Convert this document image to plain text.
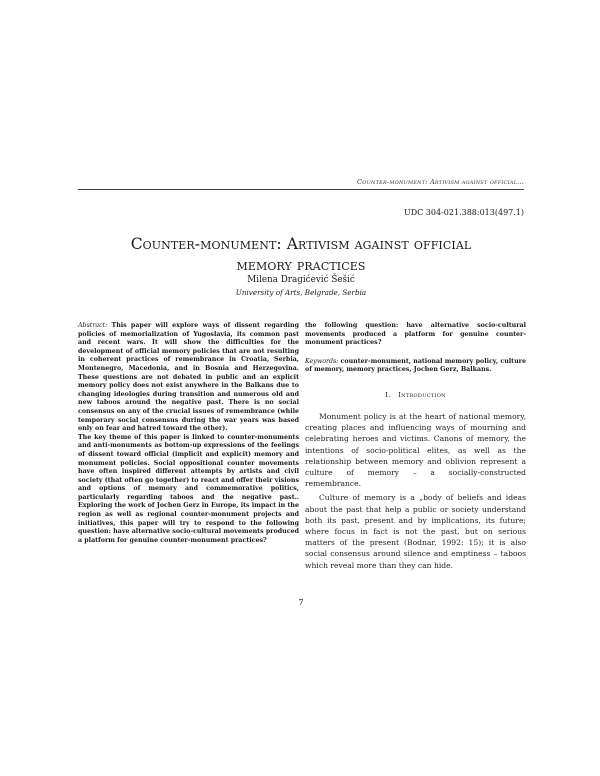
Counter-monument: Artivism against official...
UDC 304-021.388:013(497.1)
Counter-monument: Artivism against official
memory practices
Milena Dragićević Šešić
University of Arts, Belgrade, Serbia

Abstract: This paper will explore ways of dissent regarding policies of memorialization of Yugoslavia, its common past and recent wars. It will show the difficulties for the development of official memory policies that are not resulting in coherent practices of remembrance in Croatia, Serbia, Montenegro, Macedonia, and in Bosnia and Herzegovina. These questions are not debated in public and an explicit memory policy does not exist anywhere in the Balkans due to changing ideologies during transition and numerous old and new taboos around the negative past. There is no social consensus on any of the crucial issues of remembrance (while temporary social consensus during the war years was based only on fear and hatred toward the other).

The key theme of this paper is linked to counter-monuments and anti-monuments as bottom-up expressions of the feelings of dissent toward official (implicit and explicit) memory and monument policies. Social oppositional counter movements have often inspired different attempts by artists and civil society (that often go together) to react and offer their visions and options of memory and commemorative politics, particularly regarding taboos and the negative past.. Exploring the work of Jochen Gerz in Europe, its impact in the region as well as regional counter-monument projects and initiatives, this paper will try to respond to the following question: have alternative socio-cultural movements produced a platform for genuine counter-monument practices?

the following question: have alternative socio-cultural movements produced a platform for genuine counter-monument practices?

Keywords: counter-monument, national memory policy, culture of memory, memory practices, Jochen Gerz, Balkans.
I. Introduction

Monument policy is at the heart of national memory, creating places and influencing ways of mourning and celebrating heroes and victims. Canons of memory, the intentions of socio-political elites, as well as the relationship between memory and oblivion represent a culture of memory – a socially-constructed remembrance.

Culture of memory is a „body of beliefs and ideas about the past that help a public or society understand both its past, present and by implications, its future; where focus in fact is not the past, but on serious matters of the present (Bodnar, 1992: 15); it is also social consensus around silence and emptiness – taboos which reveal more than they can hide.

7
